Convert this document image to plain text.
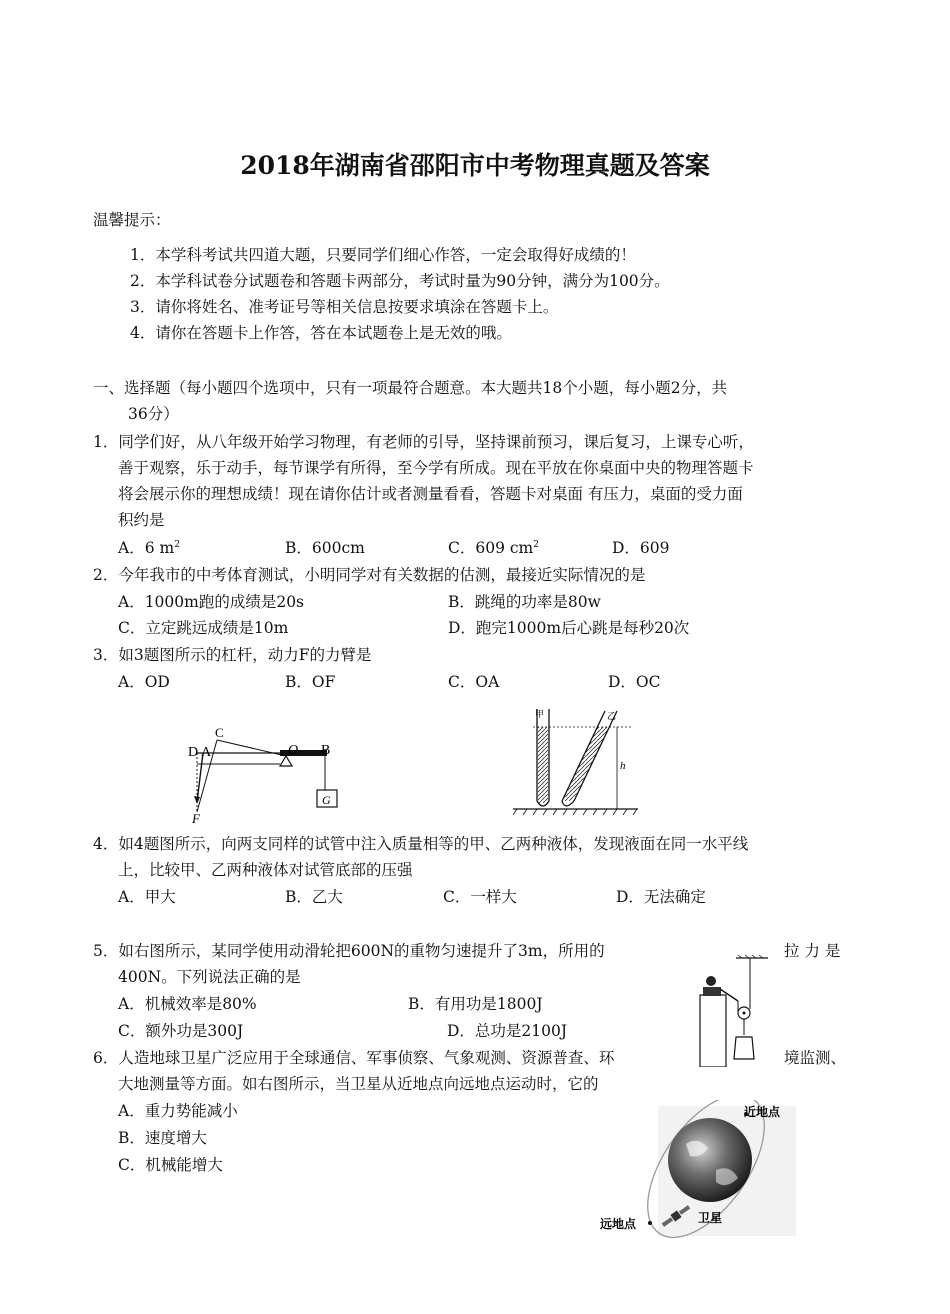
2018年湖南省邵阳市中考物理真题及答案
温馨提示：
1．本学科考试共四道大题，只要同学们细心作答，一定会取得好成绩的！
2．本学科试卷分试题卷和答题卡两部分，考试时量为90分钟，满分为100分。
3．请你将姓名、准考证号等相关信息按要求填涂在答题卡上。
4．请你在答题卡上作答，答在本试题卷上是无效的哦。
一、选择题（每小题四个选项中，只有一项最符合题意。本大题共18个小题，每小题2分，共
36分）
1．同学们好，从八年级开始学习物理，有老师的引导，坚持课前预习，课后复习，上课专心听，
善于观察，乐于动手，每节课学有所得，至今学有所成。现在平放在你桌面中央的物理答题卡
将会展示你的理想成绩！现在请你估计或者测量看看，答题卡对桌面 有压力，桌面的受力面
积约是
A．6 $m^2$	B．600cm	C．609 $cm^2$	D．609
2．今年我市的中考体育测试，小明同学对有关数据的估测，最接近实际情况的是
A．1000m跑的成绩是20s	B．跳绳的功率是80w
C．立定跳远成绩是10m	D．跑完1000m后心跳是每秒20次
3．如3题图所示的杠杆，动力F的力臂是
A．OD	B．OF	C．OA	D．OC
D A
C
O B
F
G
甲	乙
h
4．如4题图所示，向两支同样的试管中注入质量相等的甲、乙两种液体，发现液面在同一水平线
上，比较甲、乙两种液体对试管底部的压强
A．甲大	B．乙大	C．一样大	D．无法确定
5．如右图所示，某同学使用动滑轮把600N的重物匀速提升了3m，所用的	拉 力 是
400N。下列说法正确的是
A．机械效率是80%	B．有用功是1800J
C．额外功是300J	D．总功是2100J
6．人造地球卫星广泛应用于全球通信、军事侦察、气象观测、资源普查、环	境监测、
大地测量等方面。如右图所示，当卫星从近地点向远地点运动时，它的
A．重力势能减小
B．速度增大
C．机械能增大
近地点
远地点	卫星
